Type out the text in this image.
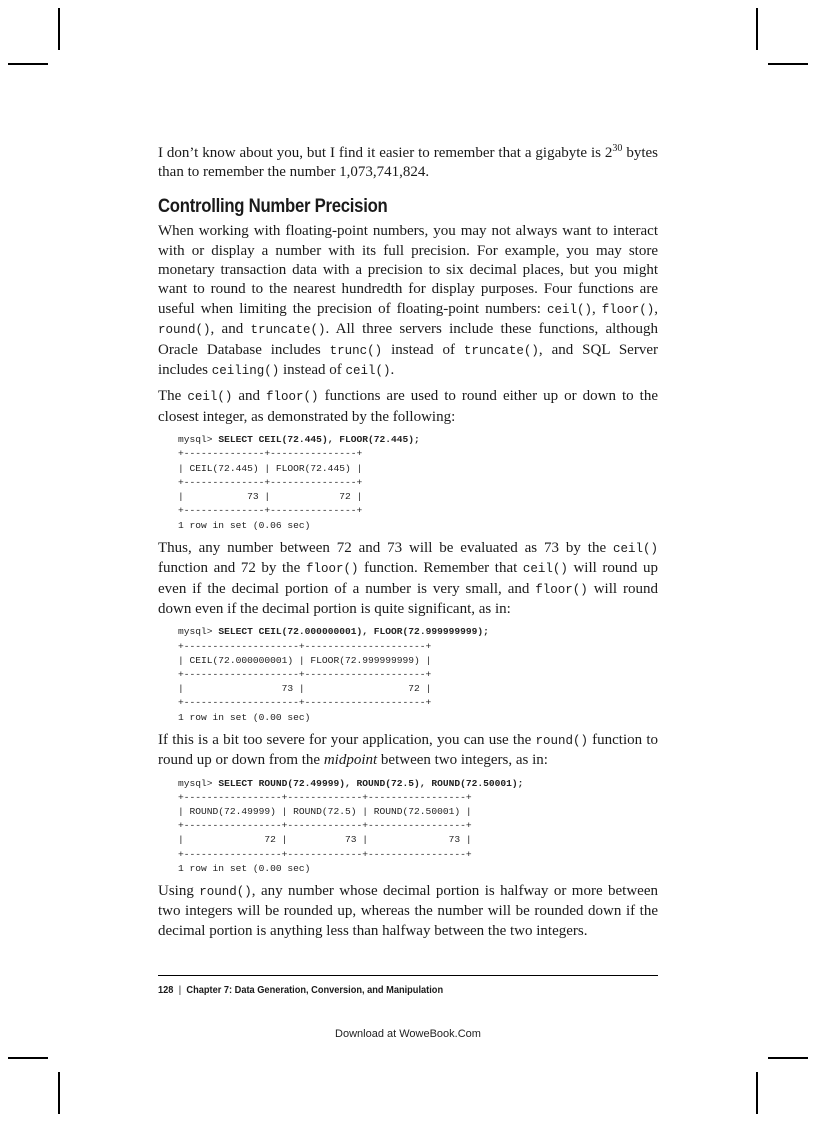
I don’t know about you, but I find it easier to remember that a gigabyte is $2^{30}$ bytes than to remember the number 1,073,741,824.

Controlling Number Precision

When working with floating-point numbers, you may not always want to interact with or display a number with its full precision. For example, you may store monetary transaction data with a precision to six decimal places, but you might want to round to the nearest hundredth for display purposes. Four functions are useful when limiting the precision of floating-point numbers: ceil(), floor(), round(), and truncate(). All three servers include these functions, although Oracle Database includes trunc() instead of truncate(), and SQL Server includes ceiling() instead of ceil().

The ceil() and floor() functions are used to round either up or down to the closest integer, as demonstrated by the following:

mysql> SELECT CEIL(72.445), FLOOR(72.445);
+--------------+---------------+
| CEIL(72.445) | FLOOR(72.445) |
+--------------+---------------+
|           73 |            72 |
+--------------+---------------+
1 row in set (0.06 sec)

Thus, any number between 72 and 73 will be evaluated as 73 by the ceil() function and 72 by the floor() function. Remember that ceil() will round up even if the decimal portion of a number is very small, and floor() will round down even if the decimal portion is quite significant, as in:

mysql> SELECT CEIL(72.000000001), FLOOR(72.999999999);
+--------------------+---------------------+
| CEIL(72.000000001) | FLOOR(72.999999999) |
+--------------------+---------------------+
|                 73 |                  72 |
+--------------------+---------------------+
1 row in set (0.00 sec)

If this is a bit too severe for your application, you can use the round() function to round up or down from the midpoint between two integers, as in:

mysql> SELECT ROUND(72.49999), ROUND(72.5), ROUND(72.50001);
+-----------------+-------------+-----------------+
| ROUND(72.49999) | ROUND(72.5) | ROUND(72.50001) |
+-----------------+-------------+-----------------+
|              72 |          73 |              73 |
+-----------------+-------------+-----------------+
1 row in set (0.00 sec)

Using round(), any number whose decimal portion is halfway or more between two integers will be rounded up, whereas the number will be rounded down if the decimal portion is anything less than halfway between the two integers.

128 | Chapter 7: Data Generation, Conversion, and Manipulation
Download at WoweBook.Com
